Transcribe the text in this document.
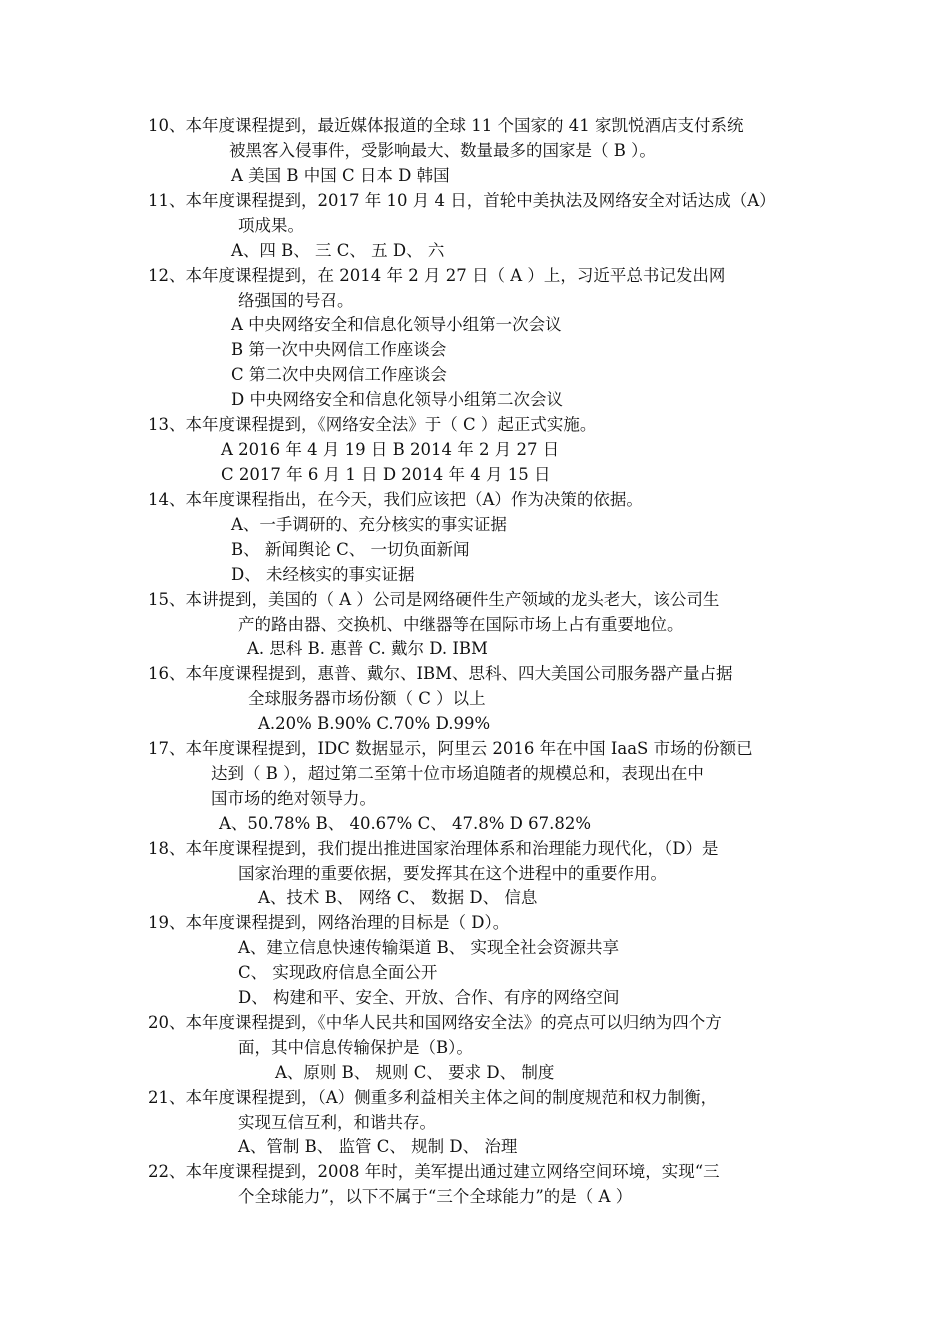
10、本年度课程提到，最近媒体报道的全球 11 个国家的 41 家凯悦酒店支付系统
被黑客入侵事件，受影响最大、数量最多的国家是（ B ）。
A 美国 B 中国 C 日本 D 韩国
11、本年度课程提到，2017 年 10 月 4 日，首轮中美执法及网络安全对话达成（A）
项成果。
A、四 B、 三 C、 五 D、 六
12、本年度课程提到，在 2014 年 2 月 27 日（ A ）上，习近平总书记发出网
络强国的号召。
A 中央网络安全和信息化领导小组第一次会议
B 第一次中央网信工作座谈会
C 第二次中央网信工作座谈会
D 中央网络安全和信息化领导小组第二次会议
13、本年度课程提到，《网络安全法》于（ C ）起正式实施。
A 2016 年 4 月 19 日 B 2014 年 2 月 27 日
C 2017 年 6 月 1 日 D 2014 年 4 月 15 日
14、本年度课程指出，在今天，我们应该把（A）作为决策的依据。
A、一手调研的、充分核实的事实证据
B、 新闻舆论 C、 一切负面新闻
D、 未经核实的事实证据
15、本讲提到，美国的（ A ）公司是网络硬件生产领域的龙头老大，该公司生
产的路由器、交换机、中继器等在国际市场上占有重要地位。
A. 思科 B. 惠普 C. 戴尔 D. IBM
16、本年度课程提到，惠普、戴尔、IBM、思科、四大美国公司服务器产量占据
全球服务器市场份额（ C ）以上
A.20% B.90% C.70% D.99%
17、本年度课程提到，IDC 数据显示，阿里云 2016 年在中国 IaaS 市场的份额已
达到（ B ），超过第二至第十位市场追随者的规模总和，表现出在中
国市场的绝对领导力。
A、50.78% B、 40.67% C、 47.8% D 67.82%
18、本年度课程提到，我们提出推进国家治理体系和治理能力现代化，（D）是
国家治理的重要依据，要发挥其在这个进程中的重要作用。
A、技术 B、 网络 C、 数据 D、 信息
19、本年度课程提到，网络治理的目标是（ D）。
A、建立信息快速传输渠道 B、 实现全社会资源共享
C、 实现政府信息全面公开
D、 构建和平、安全、开放、合作、有序的网络空间
20、本年度课程提到，《中华人民共和国网络安全法》的亮点可以归纳为四个方
面，其中信息传输保护是（B）。
A、原则 B、 规则 C、 要求 D、 制度
21、本年度课程提到，（A）侧重多利益相关主体之间的制度规范和权力制衡，
实现互信互利，和谐共存。
A、管制 B、 监管 C、 规制 D、 治理
22、本年度课程提到，2008 年时，美军提出通过建立网络空间环境，实现“三
个全球能力”，以下不属于“三个全球能力”的是（ A ）
